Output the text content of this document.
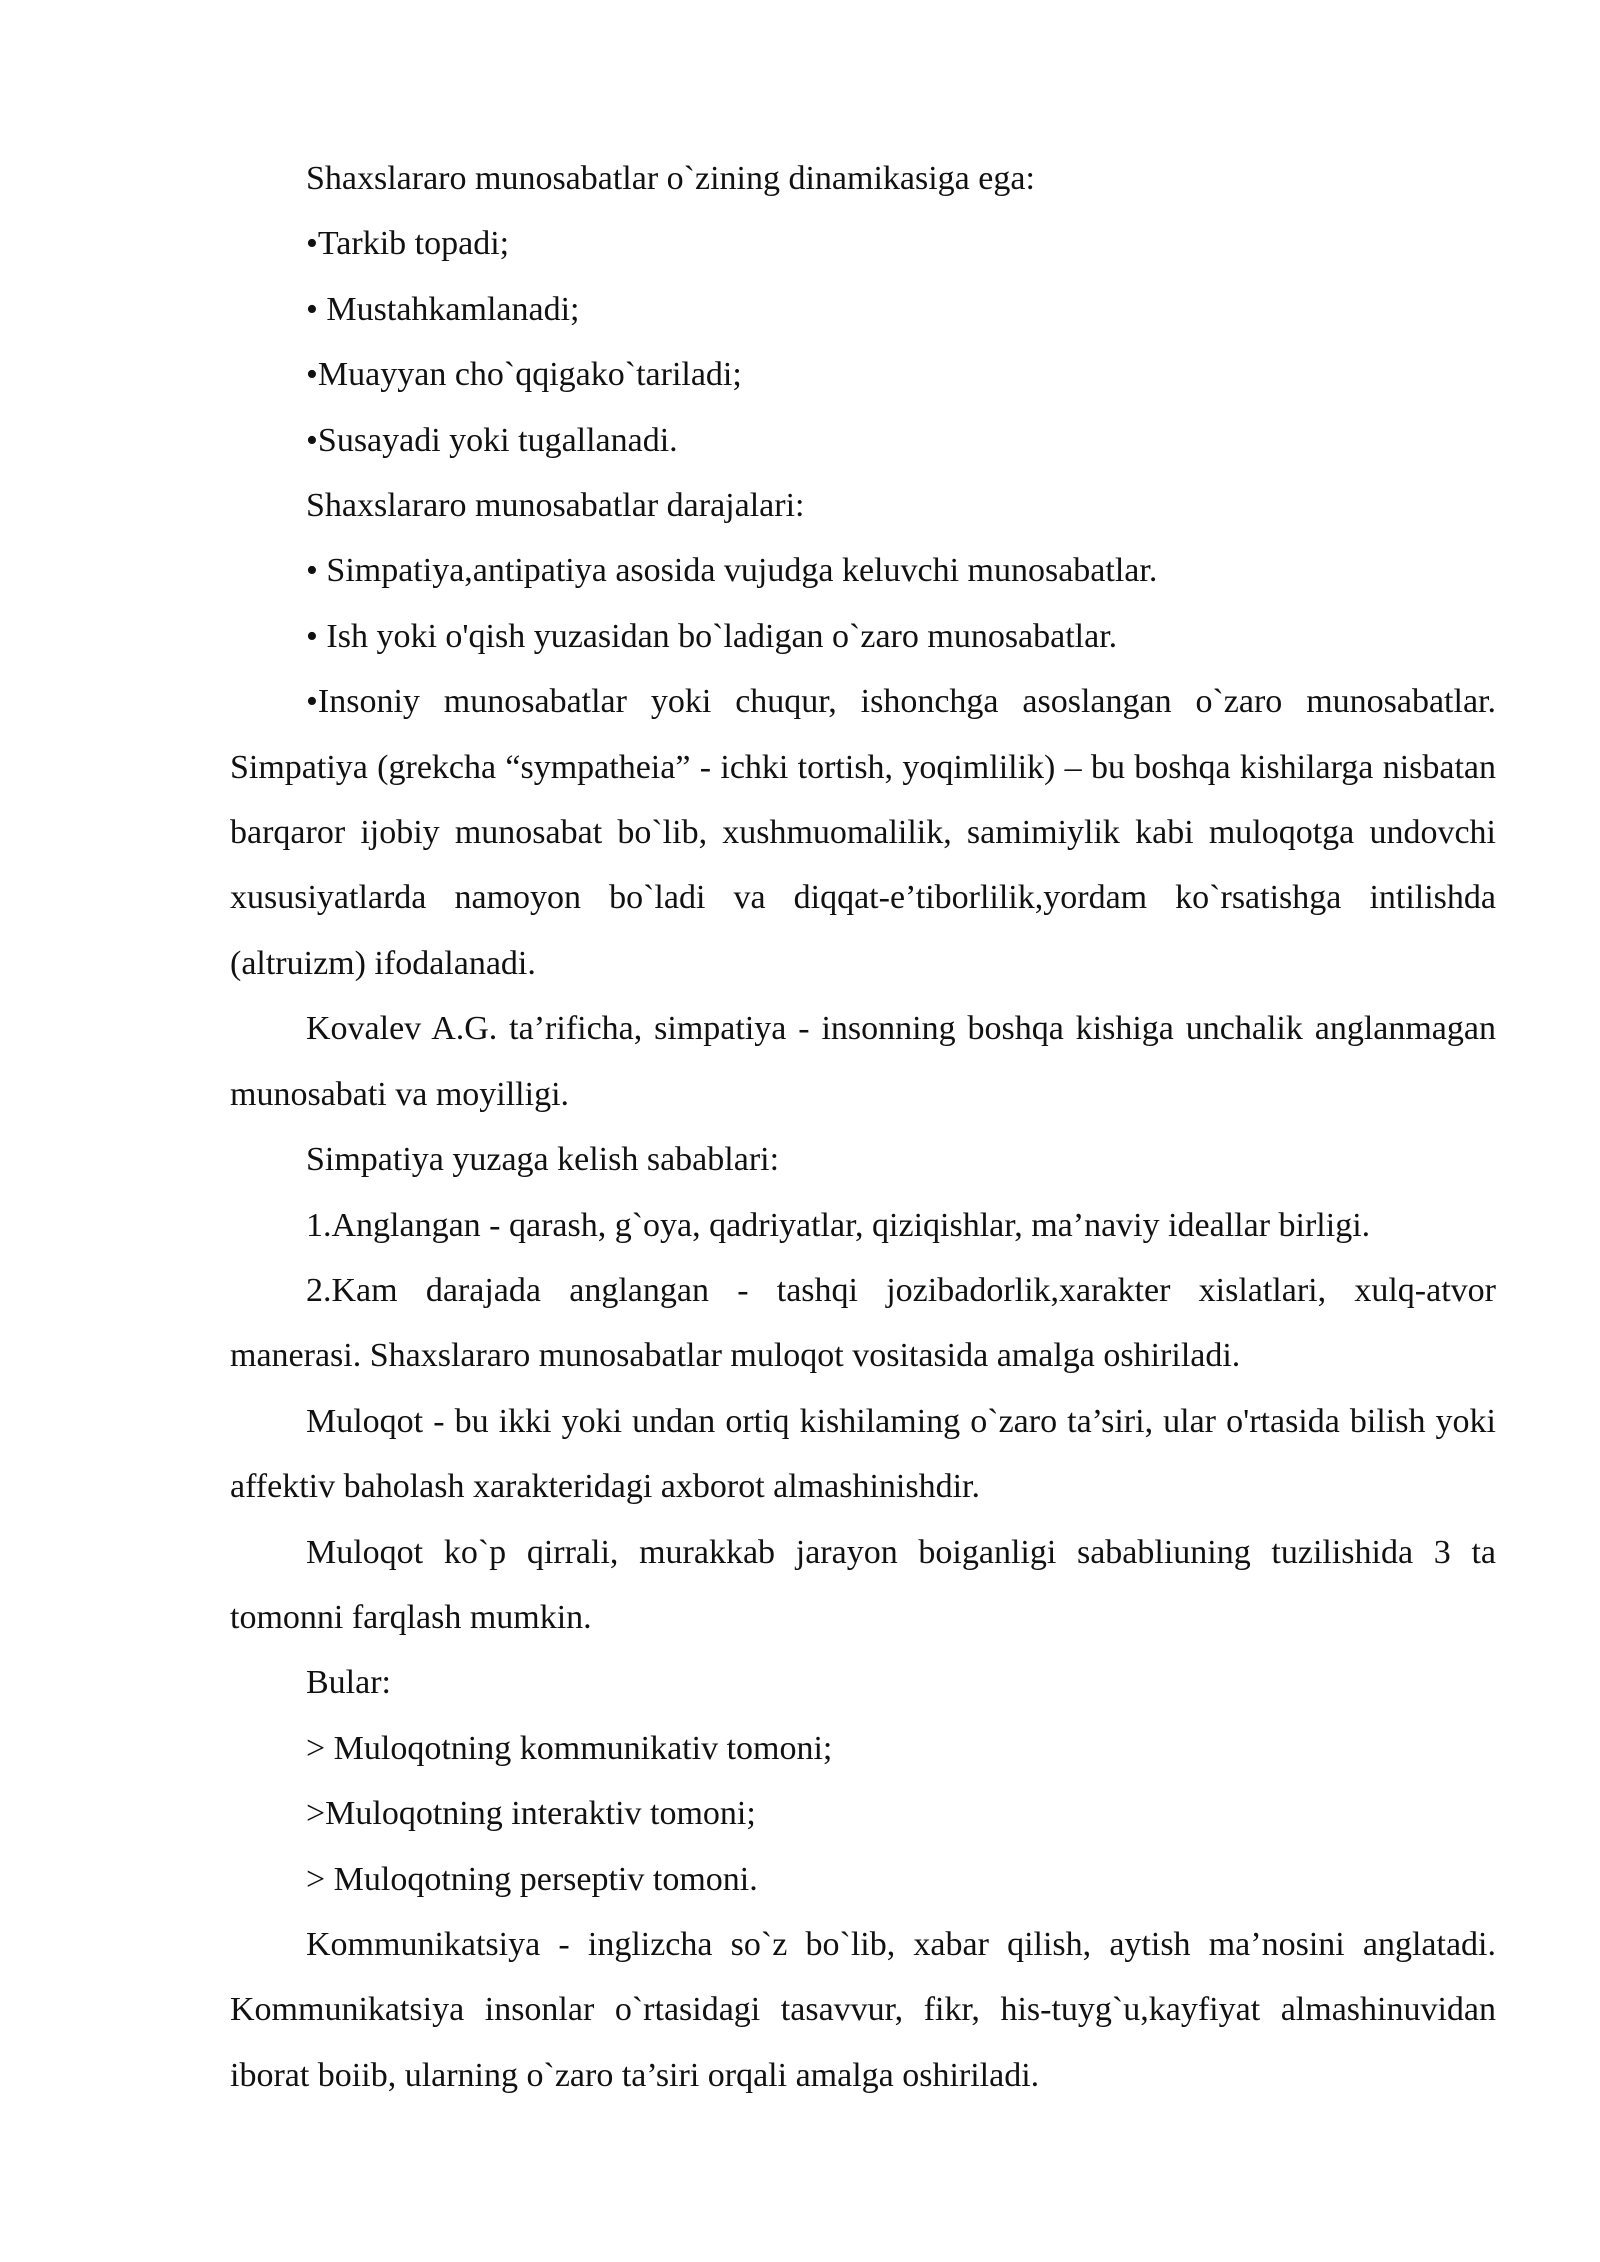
Shaxslararo munosabatlar o`zining dinamikasiga ega:

•Tarkib topadi;

• Mustahkamlanadi;

•Muayyan cho`qqigako`tariladi;

•Susayadi yoki tugallanadi.

Shaxslararo munosabatlar darajalari:

• Simpatiya,antipatiya asosida vujudga keluvchi munosabatlar.

• Ish yoki o'qish yuzasidan bo`ladigan o`zaro munosabatlar.

•Insoniy munosabatlar yoki chuqur, ishonchga asoslangan o`zaro munosabatlar. Simpatiya (grekcha “sympatheia” - ichki tortish, yoqimlilik) – bu boshqa kishilarga nisbatan barqaror ijobiy munosabat bo`lib, xushmuomalilik, samimiylik kabi muloqotga undovchi xususiyatlarda namoyon bo`ladi va diqqat-e’tiborlilik,yordam ko`rsatishga intilishda (altruizm) ifodalanadi.

Kovalev A.G. ta’rificha, simpatiya - insonning boshqa kishiga unchalik anglanmagan munosabati va moyilligi.

Simpatiya yuzaga kelish sabablari:

1.Anglangan - qarash, g`oya, qadriyatlar, qiziqishlar, ma’naviy ideallar birligi.

2.Kam darajada anglangan - tashqi jozibadorlik,xarakter xislatlari, xulq-atvor manerasi. Shaxslararo munosabatlar muloqot vositasida amalga oshiriladi.

Muloqot - bu ikki yoki undan ortiq kishilaming o`zaro ta’siri, ular o'rtasida bilish yoki affektiv baholash xarakteridagi axborot almashinishdir.

Muloqot ko`p qirrali, murakkab jarayon boiganligi sababliuning tuzilishida 3 ta tomonni farqlash mumkin.

Bular:

> Muloqotning kommunikativ tomoni;

>Muloqotning interaktiv tomoni;

> Muloqotning perseptiv tomoni.

Kommunikatsiya - inglizcha so`z bo`lib, xabar qilish, aytish ma’nosini anglatadi. Kommunikatsiya insonlar o`rtasidagi tasavvur, fikr, his-tuyg`u,kayfiyat almashinuvidan iborat boiib, ularning o`zaro ta’siri orqali amalga oshiriladi.
